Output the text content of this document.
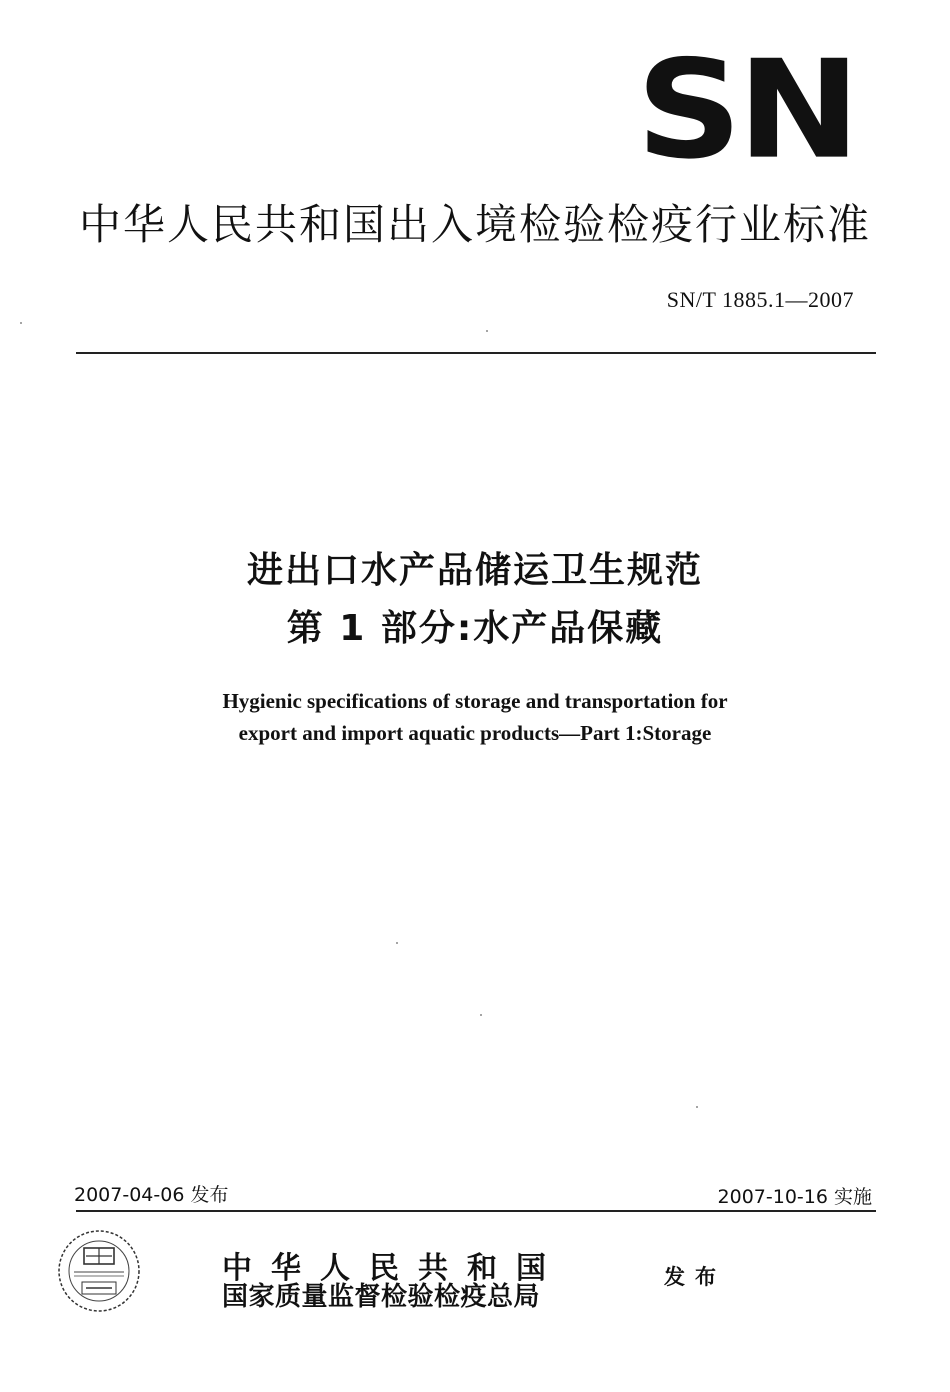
SN
中华人民共和国出入境检验检疫行业标准
SN/T 1885.1—2007
进出口水产品储运卫生规范
第 1 部分:水产品保藏
Hygienic specifications of storage and transportation for
export and import aquatic products—Part 1:Storage
2007-04-06 发布	2007-10-16 实施
中华人民共和国
国家质量监督检验检疫总局
发布
